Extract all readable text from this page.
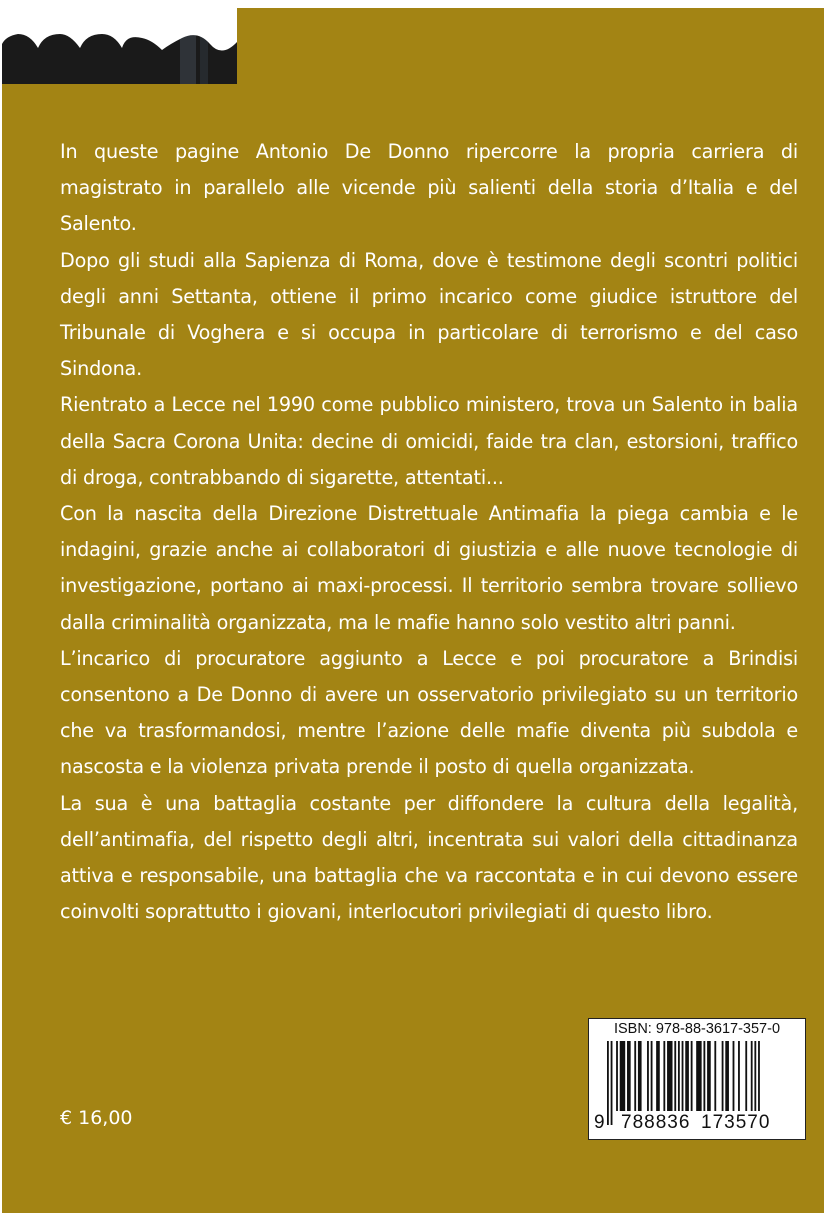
In queste pagine Antonio De Donno ripercorre la propria carriera di magistrato in parallelo alle vicende più salienti della storia d’Italia e del Salento.

Dopo gli studi alla Sapienza di Roma, dove è testimone degli scontri politici degli anni Settanta, ottiene il primo incarico come giudice istruttore del Tribunale di Voghera e si occupa in particolare di terrorismo e del caso Sindona.

Rientrato a Lecce nel 1990 come pubblico ministero, trova un Salento in balia della Sacra Corona Unita: decine di omicidi, faide tra clan, estorsioni, traffico di droga, contrabbando di sigarette, attentati...

Con la nascita della Direzione Distrettuale Antimafia la piega cambia e le indagini, grazie anche ai collaboratori di giustizia e alle nuove tecnologie di investigazione, portano ai maxi-processi. Il territorio sembra trovare sollievo dalla criminalità organizzata, ma le mafie hanno solo vestito altri panni.

L’incarico di procuratore aggiunto a Lecce e poi procuratore a Brindisi consentono a De Donno di avere un osservatorio privilegiato su un territorio che va trasformandosi, mentre l’azione delle mafie diventa più subdola e nascosta e la violenza privata prende il posto di quella organizzata.

La sua è una battaglia costante per diffondere la cultura della legalità, dell’antimafia, del rispetto degli altri, incentrata sui valori della cittadinanza attiva e responsabile, una battaglia che va raccontata e in cui devono essere coinvolti soprattutto i giovani, interlocutori privilegiati di questo libro.

€ 16,00
ISBN: 978-88-3617-357-0
9 788836 173570
